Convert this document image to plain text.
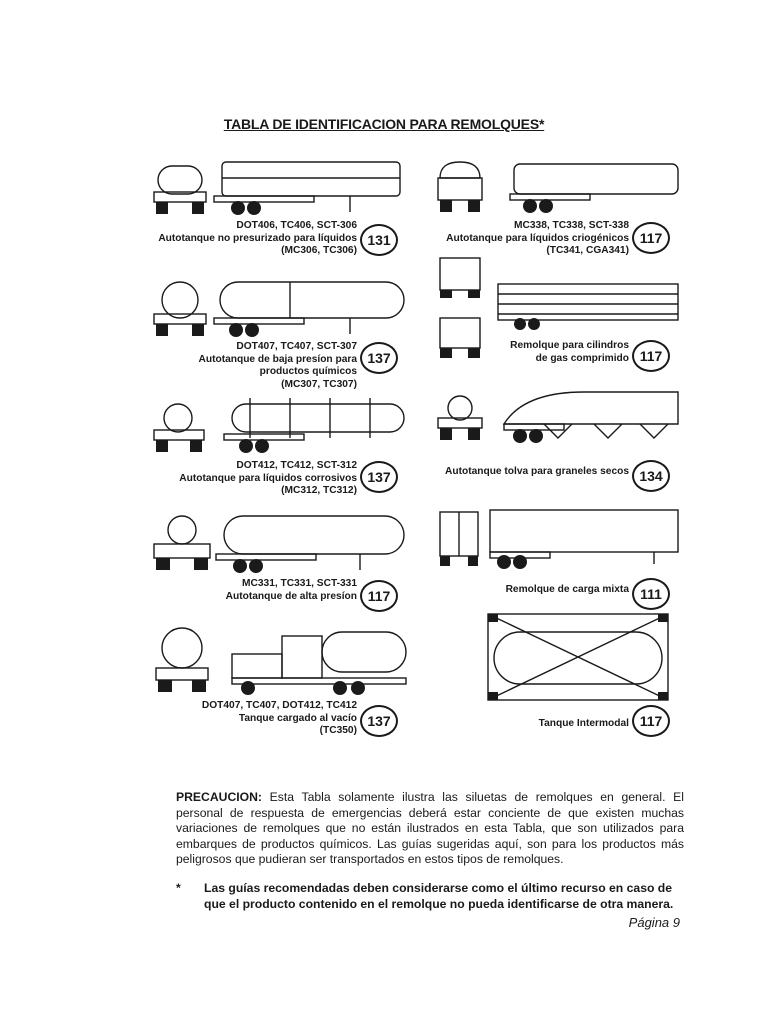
TABLA DE IDENTIFICACION PARA REMOLQUES*
DOT406, TC406, SCT-306
Autotanque no presurizado para líquidos
(MC306, TC306)
131
DOT407, TC407, SCT-307
Autotanque de baja presíon para
productos químicos
(MC307, TC307)
137
DOT412, TC412, SCT-312
Autotanque para líquidos corrosivos
(MC312, TC312)
137
MC331, TC331, SCT-331
Autotanque de alta presíon 117
DOT407, TC407, DOT412, TC412
Tanque cargado al vacío
(TC350)
137
MC338, TC338, SCT-338
Autotanque para líquidos criogénicos
(TC341, CGA341)
117
Remolque para cilindros
de gas comprimido 117
Autotanque tolva para graneles secos 134
Remolque de carga mixta 111
Tanque Intermodal 117
PRECAUCION: Esta Tabla solamente ilustra las siluetas de remolques en general. El personal de respuesta de emergencias deberá estar conciente de que existen muchas variaciones de remolques que no están ilustrados en esta Tabla, que son utilizados para embarques de productos químicos. Las guías sugeridas aquí, son para los productos más peligrosos que pudieran ser transportados en estos tipos de remolques.
* Las guías recomendadas deben considerarse como el último recurso en caso de que el producto contenido en el remolque no pueda identificarse de otra manera.
Página 9
